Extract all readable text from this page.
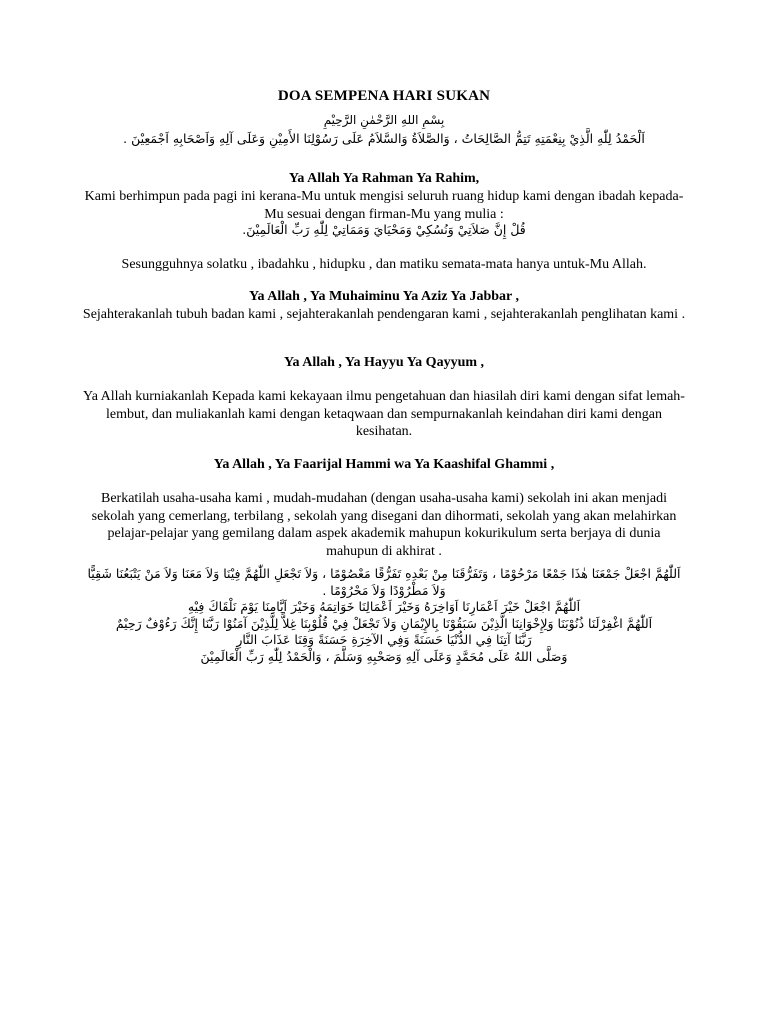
DOA SEMPENA HARI SUKAN
بِسْمِ اللهِ الرَّحْمٰنِ الرَّحِيْمِ
اَلْحَمْدُ لِلّٰهِ الَّذِيْ بِنِعْمَتِهِ تَتِمُّ الصَّالِحَاتُ ، وَالصَّلاَةُ وَالسَّلاَمُ عَلَى رَسُوْلِنَا الأَمِيْنِ وَعَلَى آلِهِ وَاَصْحَابِهِ اَجْمَعِيْنَ .
Ya Allah Ya Rahman Ya Rahim,
Kami berhimpun pada pagi ini kerana-Mu untuk mengisi seluruh ruang hidup kami dengan ibadah kepada-Mu sesuai dengan firman-Mu yang mulia :
قُلْ إِنَّ صَلاَتِيْ وَنُسُكِيْ وَمَحْيَايَ وَمَمَاتِيْ لِلّٰهِ رَبِّ الْعَالَمِيْنَ.
Sesungguhnya solatku , ibadahku , hidupku , dan matiku semata-mata hanya untuk-Mu Allah.
Ya Allah , Ya Muhaiminu Ya Aziz Ya Jabbar ,
Sejahterakanlah tubuh badan kami , sejahterakanlah pendengaran kami , sejahterakanlah penglihatan kami .
Ya Allah , Ya Hayyu Ya Qayyum ,
Ya Allah kurniakanlah Kepada kami kekayaan ilmu pengetahuan dan hiasilah diri kami dengan sifat lemah-lembut, dan muliakanlah kami dengan ketaqwaan dan sempurnakanlah keindahan diri kami dengan kesihatan.
Ya Allah , Ya Faarijal Hammi wa Ya Kaashifal Ghammi ,
Berkatilah usaha-usaha kami , mudah-mudahan (dengan usaha-usaha kami) sekolah ini akan menjadi sekolah yang cemerlang, terbilang , sekolah yang disegani dan dihormati, sekolah yang akan melahirkan pelajar-pelajar yang gemilang dalam aspek akademik mahupun kokurikulum serta berjaya di dunia mahupun di akhirat .
اَللّٰهُمَّ اجْعَلْ جَمْعَنَا هٰذَا جَمْعًا مَرْحُوْمًا ، وَتَفَرُّقَنَا مِنْ بَعْدِهِ تَفَرُّقًا مَعْصُوْمًا ، وَلاَ تَجْعَلِ اللّٰهُمَّ فِيْنَا وَلاَ مَعَنَا وَلاَ مَنْ يَتْبَعُنَا شَقِيًّا
وَلاَ مَطْرُوْدًا وَلاَ مَحْرُوْمًا .
اَللّٰهُمَّ اجْعَلْ خَيْرَ اَعْمَارِنَا اَوَاخِرَهُ وَخَيْرَ اَعْمَالِنَا خَوَاتِمَهُ وَخَيْرَ اَيَّامِنَا يَوْمَ نَلْقَاكَ فِيْهِ
اَللّٰهُمَّ اغْفِرْلَنَا ذُنُوْبَنَا وَلِإِخْوَانِنَا الَّذِيْنَ سَبَقُوْنَا بِالإِيْمَانِ وَلاَ تَجْعَلْ فِيْ قُلُوْبِنَا غِلاًّ لِلَّذِيْنَ آمَنُوْا رَبَّنَا إِنَّكَ رَءُوْفٌ رَحِيْمٌ
رَبَّنَا آتِنَا فِي الدُّنْيَا حَسَنَةً وَفِي الآخِرَةِ حَسَنَةً وَقِنَا عَذَابَ النَّارِ
وَصَلَّى اللهُ عَلَى مُحَمَّدٍ وَعَلَى آلِهِ وَصَحْبِهِ وَسَلَّمَ ، وَالْحَمْدُ لِلّٰهِ رَبِّ الْعَالَمِيْنَ
